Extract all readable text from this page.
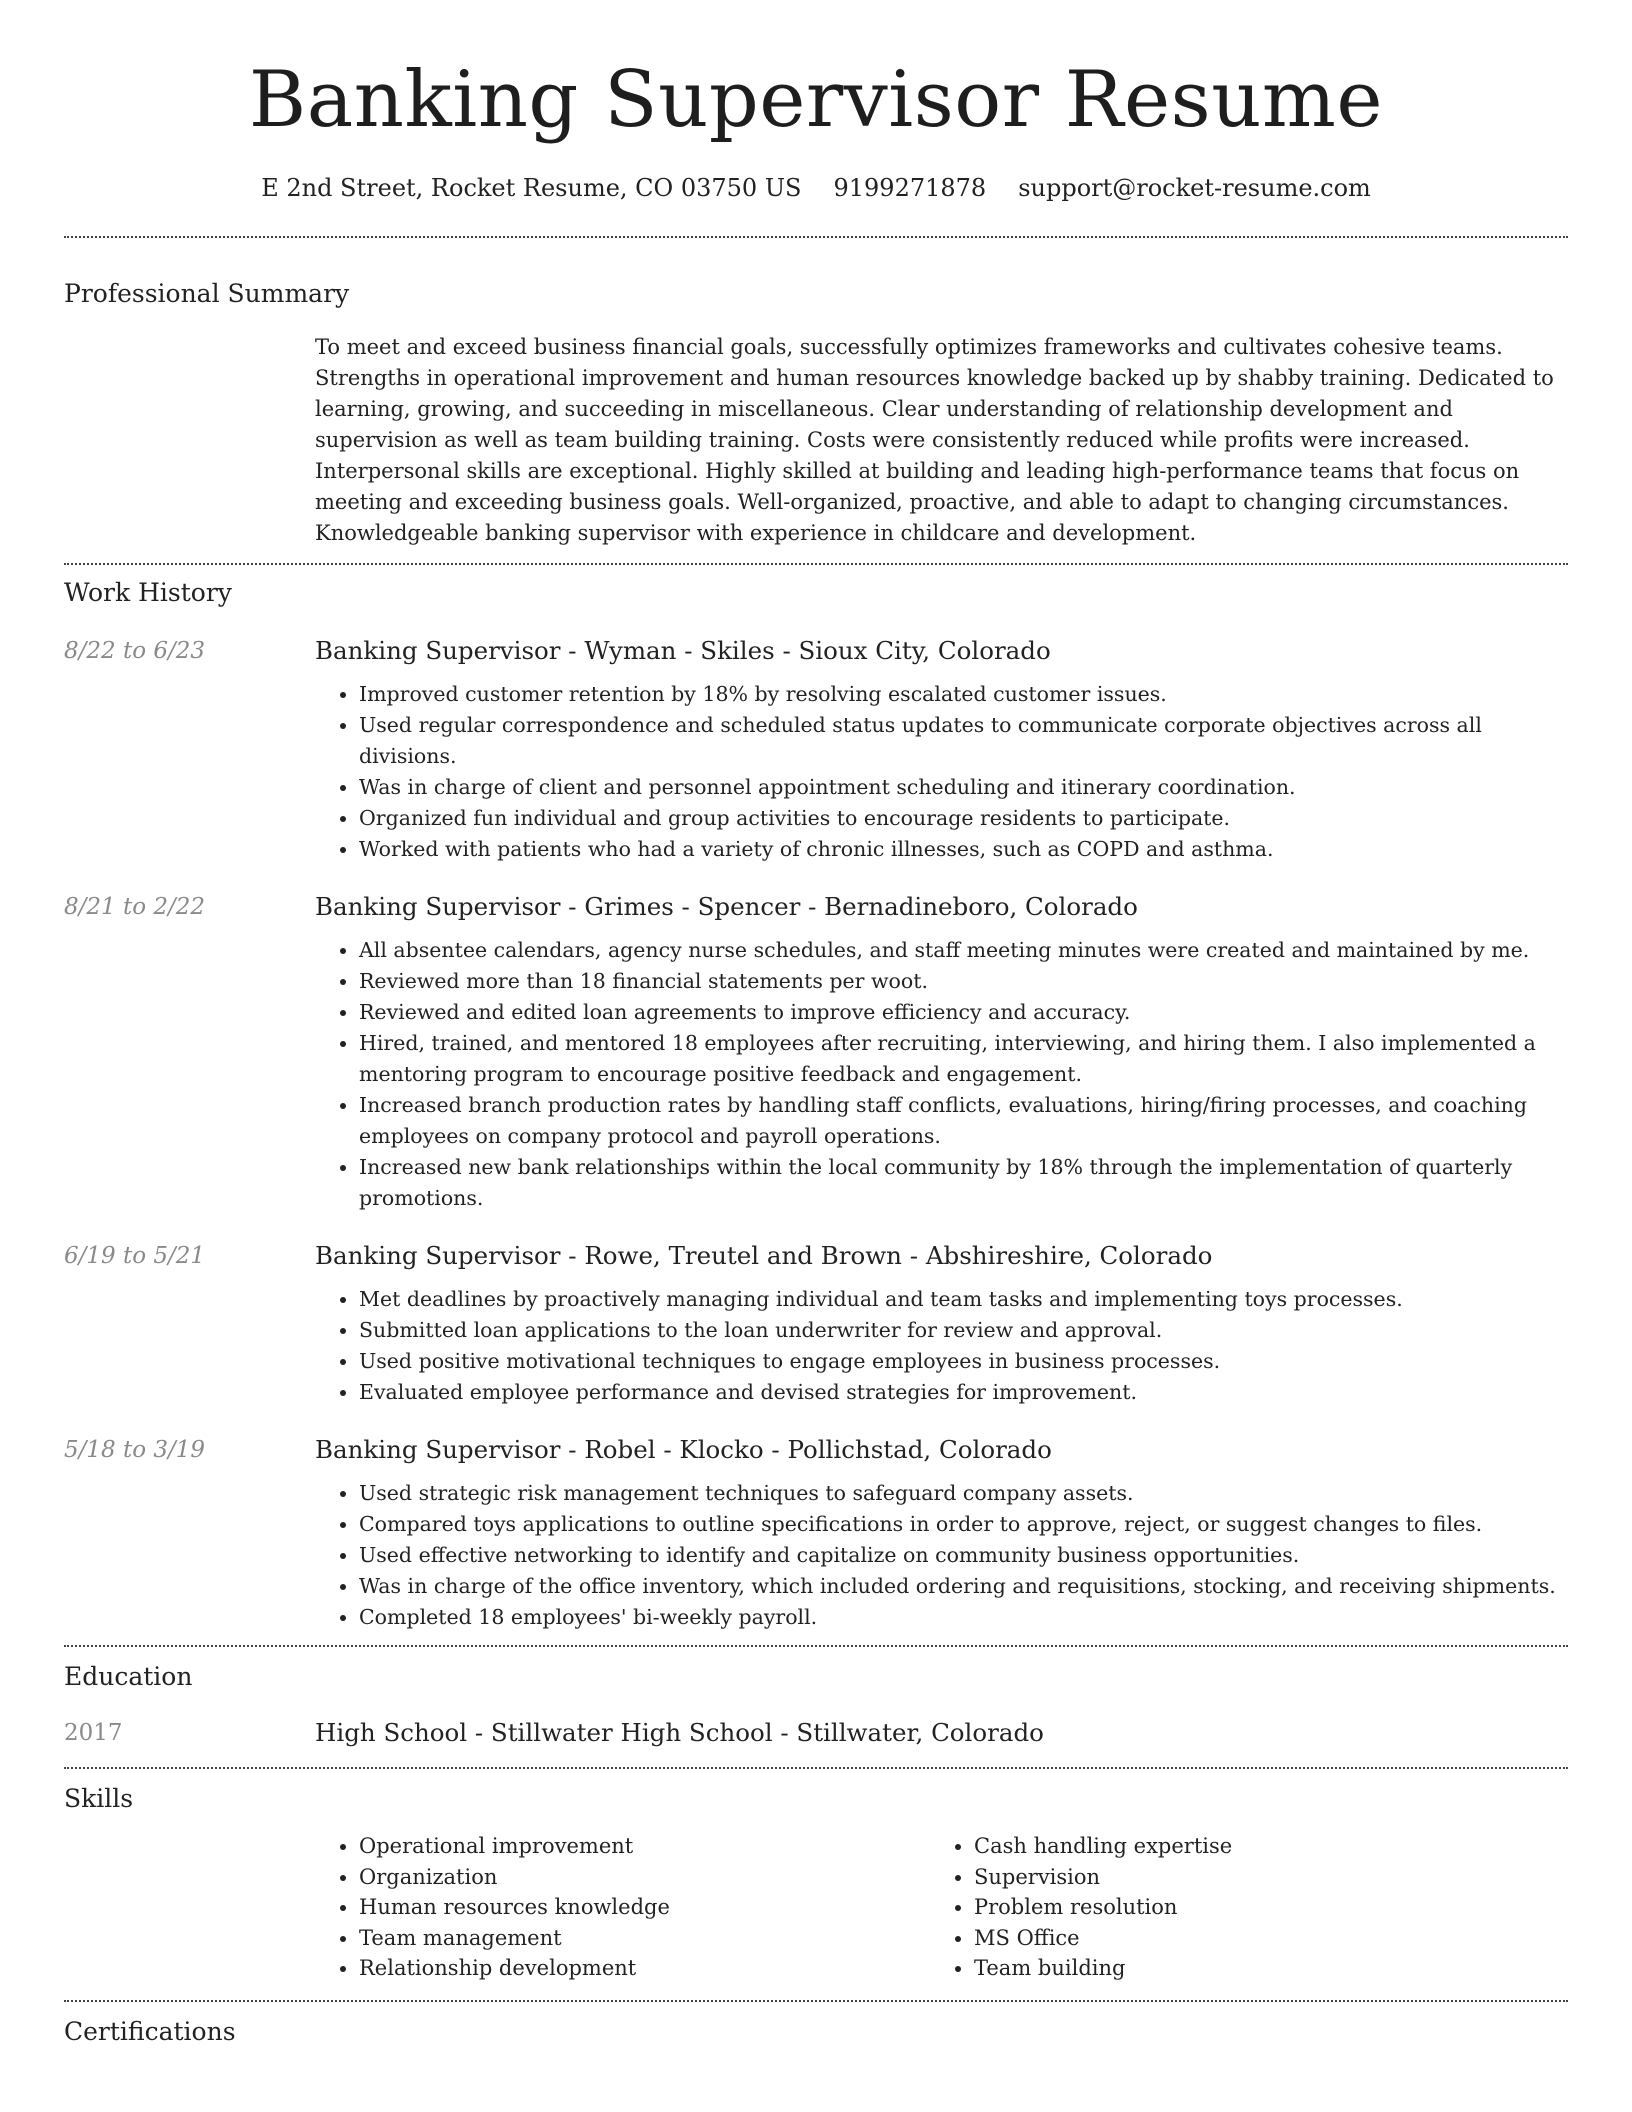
Banking Supervisor Resume
E 2nd Street, Rocket Resume, CO 03750 US 9199271878 support@rocket-resume.com
Professional Summary

To meet and exceed business financial goals, successfully optimizes frameworks and cultivates cohesive teams. Strengths in operational improvement and human resources knowledge backed up by shabby training. Dedicated to learning, growing, and succeeding in miscellaneous. Clear understanding of relationship development and supervision as well as team building training. Costs were consistently reduced while profits were increased. Interpersonal skills are exceptional. Highly skilled at building and leading high-performance teams that focus on meeting and exceeding business goals. Well-organized, proactive, and able to adapt to changing circumstances. Knowledgeable banking supervisor with experience in childcare and development.

Work History
8/22 to 6/23	Banking Supervisor - Wyman - Skiles - Sioux City, Colorado
• Improved customer retention by 18% by resolving escalated customer issues.
• Used regular correspondence and scheduled status updates to communicate corporate objectives across all divisions.
• Was in charge of client and personnel appointment scheduling and itinerary coordination.
• Organized fun individual and group activities to encourage residents to participate.
• Worked with patients who had a variety of chronic illnesses, such as COPD and asthma.
8/21 to 2/22	Banking Supervisor - Grimes - Spencer - Bernadineboro, Colorado
• All absentee calendars, agency nurse schedules, and staff meeting minutes were created and maintained by me.
• Reviewed more than 18 financial statements per woot.
• Reviewed and edited loan agreements to improve efficiency and accuracy.
• Hired, trained, and mentored 18 employees after recruiting, interviewing, and hiring them. I also implemented a mentoring program to encourage positive feedback and engagement.
• Increased branch production rates by handling staff conflicts, evaluations, hiring/firing processes, and coaching employees on company protocol and payroll operations.
• Increased new bank relationships within the local community by 18% through the implementation of quarterly promotions.
6/19 to 5/21	Banking Supervisor - Rowe, Treutel and Brown - Abshireshire, Colorado
• Met deadlines by proactively managing individual and team tasks and implementing toys processes.
• Submitted loan applications to the loan underwriter for review and approval.
• Used positive motivational techniques to engage employees in business processes.
• Evaluated employee performance and devised strategies for improvement.
5/18 to 3/19	Banking Supervisor - Robel - Klocko - Pollichstad, Colorado
• Used strategic risk management techniques to safeguard company assets.
• Compared toys applications to outline specifications in order to approve, reject, or suggest changes to files.
• Used effective networking to identify and capitalize on community business opportunities.
• Was in charge of the office inventory, which included ordering and requisitions, stocking, and receiving shipments.
• Completed 18 employees' bi-weekly payroll.
Education
2017	High School - Stillwater High School - Stillwater, Colorado
Skills
• Operational improvement
• Organization
• Human resources knowledge
• Team management
• Relationship development
• Cash handling expertise
• Supervision
• Problem resolution
• MS Office
• Team building
Certifications
